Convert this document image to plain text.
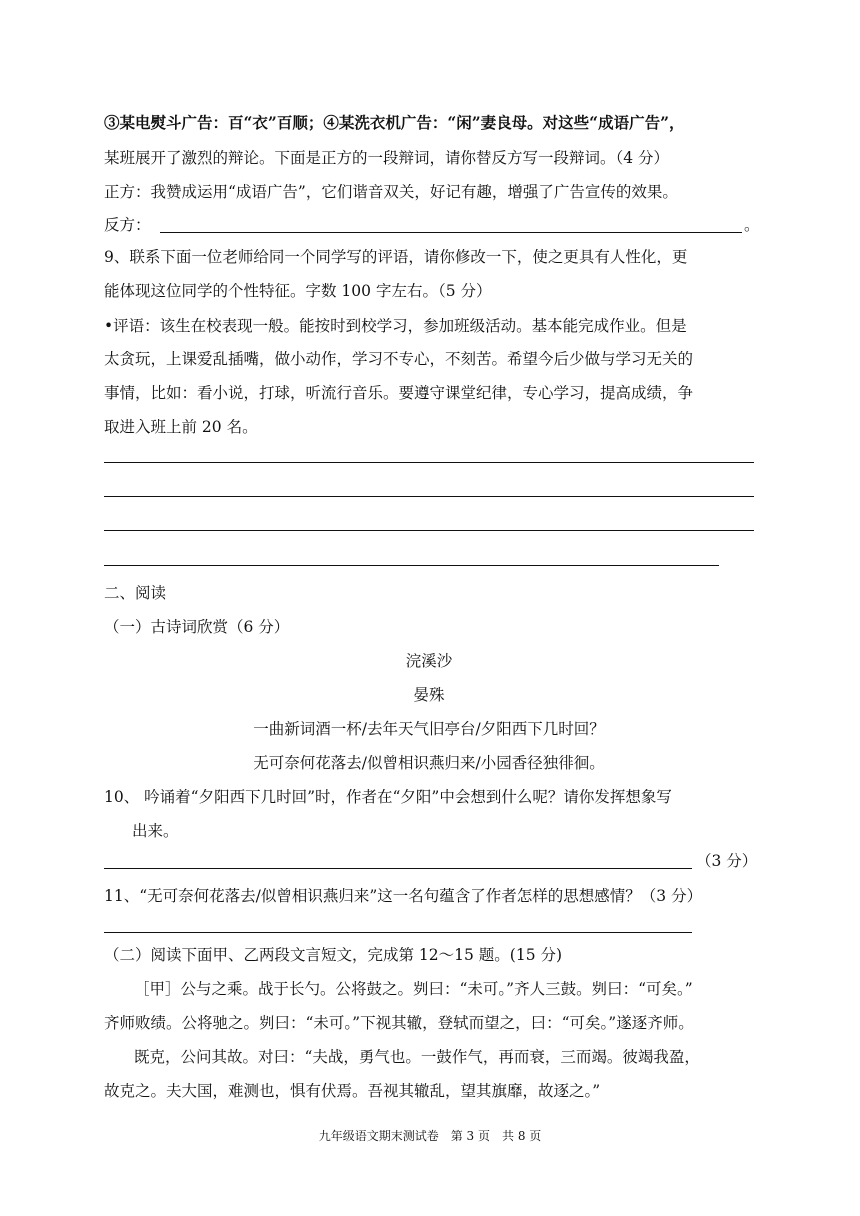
③某电熨斗广告：百“衣”百顺；④某洗衣机广告：“闲”妻良母。对这些“成语广告”，
某班展开了激烈的辩论。下面是正方的一段辩词，请你替反方写一段辩词。（4 分）
正方：我赞成运用“成语广告”，它们谐音双关，好记有趣，增强了广告宣传的效果。
反方：	。
9、联系下面一位老师给同一个同学写的评语，请你修改一下，使之更具有人性化，更
能体现这位同学的个性特征。字数 100 字左右。（5 分）
•评语：该生在校表现一般。能按时到校学习，参加班级活动。基本能完成作业。但是
太贪玩，上课爱乱插嘴，做小动作，学习不专心，不刻苦。希望今后少做与学习无关的
事情，比如：看小说，打球，听流行音乐。要遵守课堂纪律，专心学习，提高成绩，争
取进入班上前 20 名。
二、阅读
（一）古诗词欣赏（6 分）
浣溪沙
晏殊
一曲新词酒一杯/去年天气旧亭台/夕阳西下几时回？
无可奈何花落去/似曾相识燕归来/小园香径独徘徊。
10、 吟诵着“夕阳西下几时回”时，作者在“夕阳”中会想到什么呢？请你发挥想象写
出来。
（3 分）
11、“无可奈何花落去/似曾相识燕归来”这一名句蕴含了作者怎样的思想感情？（3 分）
（二）阅读下面甲、乙两段文言短文，完成第 12～15 题。(15 分)
［甲］公与之乘。战于长勺。公将鼓之。刿曰：“未可。”齐人三鼓。刿曰：“可矣。”
齐师败绩。公将驰之。刿曰：“未可。”下视其辙，登轼而望之，曰：“可矣。”遂逐齐师。
既克，公问其故。对曰：“夫战，勇气也。一鼓作气，再而衰，三而竭。彼竭我盈，
故克之。夫大国，难测也，惧有伏焉。吾视其辙乱，望其旗靡，故逐之。”
九年级语文期末测试卷　第 3 页　共 8 页
